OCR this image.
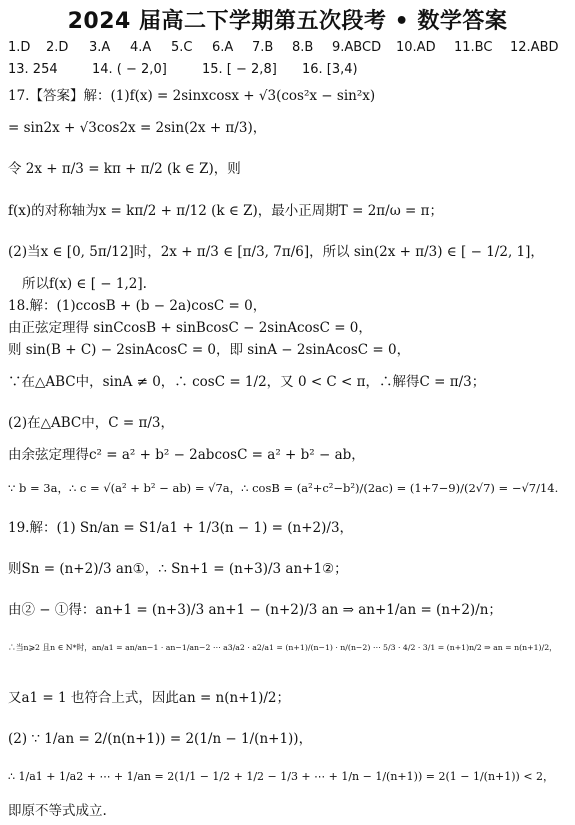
2024 届高二下学期第五次段考 • 数学答案
1.D	2.D	3.A	4.A	5.C	6.A	7.B	8.B	9.ABCD	10.AD	11.BC	12.ABD
13. 254	14. ( − 2,0]	15. [ − 2,8]	16. [3,4)
17.【答案】解：(1)f(x) = 2sinxcosx + √3(cos²x − sin²x)
= sin2x + √3cos2x = 2sin(2x + π/3)，
令 2x + π/3 = kπ + π/2 (k ∈ Z)，则
f(x)的对称轴为x = kπ/2 + π/12 (k ∈ Z)，最小正周期T = 2π/ω = π；
(2)当x ∈ [0, 5π/12]时，2x + π/3 ∈ [π/3, 7π/6]，所以 sin(2x + π/3) ∈ [ − 1/2, 1]，
所以f(x) ∈ [ − 1,2].
18.解：(1)ccosB + (b − 2a)cosC = 0，
由正弦定理得 sinCcosB + sinBcosC − 2sinAcosC = 0，
则 sin(B + C) − 2sinAcosC = 0，即 sinA − 2sinAcosC = 0，
∵在△ABC中，sinA ≠ 0，∴ cosC = 1/2，又 0 < C < π，∴解得C = π/3；
(2)在△ABC中，C = π/3，
由余弦定理得c² = a² + b² − 2abcosC = a² + b² − ab，
∵ b = 3a，∴ c = √(a² + b² − ab) = √7a，∴ cosB = (a²+c²−b²)/(2ac) = (1+7−9)/(2√7) = −√7/14.
19.解：(1) Sn/an = S1/a1 + 1/3(n − 1) = (n+2)/3，
则Sn = (n+2)/3 an①，∴ Sn+1 = (n+3)/3 an+1②；
由② − ①得：an+1 = (n+3)/3 an+1 − (n+2)/3 an ⇒ an+1/an = (n+2)/n；
∴当n⩾2 且n ∈ N*时，an/a1 = an/an−1 · an−1/an−2 ⋯ a3/a2 · a2/a1 = (n+1)/(n−1) · n/(n−2) ⋯ 5/3 · 4/2 · 3/1 = (n+1)n/2 ⇒ an = n(n+1)/2，
又a1 = 1 也符合上式，因此an = n(n+1)/2；
(2) ∵ 1/an = 2/(n(n+1)) = 2(1/n − 1/(n+1))，
∴ 1/a1 + 1/a2 + ⋯ + 1/an = 2(1/1 − 1/2 + 1/2 − 1/3 + ⋯ + 1/n − 1/(n+1)) = 2(1 − 1/(n+1)) < 2，
即原不等式成立.
